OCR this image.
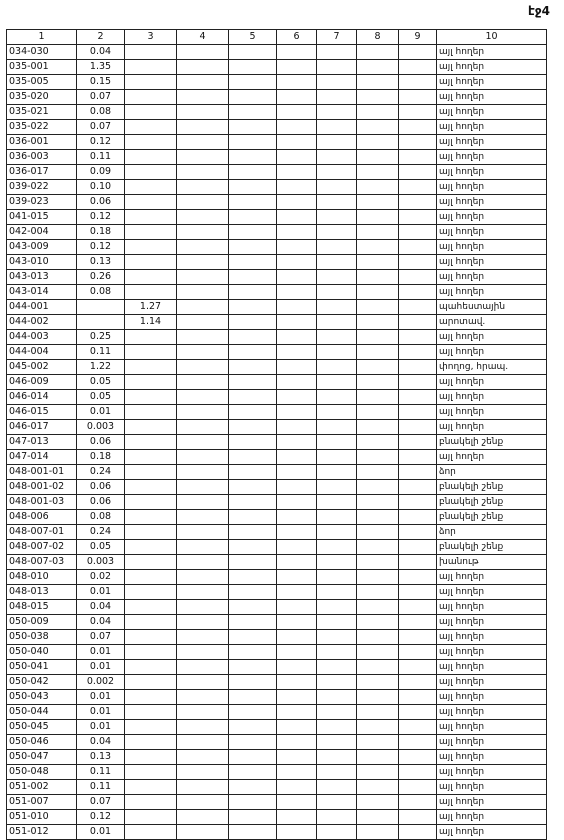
էջ4
1	2	3	4	5	6	7	8	9	10
034-030	0.04								այլ հողեր
035-001	1.35								այլ հողեր
035-005	0.15								այլ հողեր
035-020	0.07								այլ հողեր
035-021	0.08								այլ հողեր
035-022	0.07								այլ հողեր
036-001	0.12								այլ հողեր
036-003	0.11								այլ հողեր
036-017	0.09								այլ հողեր
039-022	0.10								այլ հողեր
039-023	0.06								այլ հողեր
041-015	0.12								այլ հողեր
042-004	0.18								այլ հողեր
043-009	0.12								այլ հողեր
043-010	0.13								այլ հողեր
043-013	0.26								այլ հողեր
043-014	0.08								այլ հողեր
044-001		1.27							պահեստային
044-002		1.14							արոտավ.
044-003	0.25								այլ հողեր
044-004	0.11								այլ հողեր
045-002	1.22								փողոց, հրապ.
046-009	0.05								այլ հողեր
046-014	0.05								այլ հողեր
046-015	0.01								այլ հողեր
046-017	0.003								այլ հողեր
047-013	0.06								բնակելի շենք
047-014	0.18								այլ հողեր
048-001-01	0.24								ձոր
048-001-02	0.06								բնակելի շենք
048-001-03	0.06								բնակելի շենք
048-006	0.08								բնակելի շենք
048-007-01	0.24								ձոր
048-007-02	0.05								բնակելի շենք
048-007-03	0.003								խանութ
048-010	0.02								այլ հողեր
048-013	0.01								այլ հողեր
048-015	0.04								այլ հողեր
050-009	0.04								այլ հողեր
050-038	0.07								այլ հողեր
050-040	0.01								այլ հողեր
050-041	0.01								այլ հողեր
050-042	0.002								այլ հողեր
050-043	0.01								այլ հողեր
050-044	0.01								այլ հողեր
050-045	0.01								այլ հողեր
050-046	0.04								այլ հողեր
050-047	0.13								այլ հողեր
050-048	0.11								այլ հողեր
051-002	0.11								այլ հողեր
051-007	0.07								այլ հողեր
051-010	0.12								այլ հողեր
051-012	0.01								այլ հողեր
